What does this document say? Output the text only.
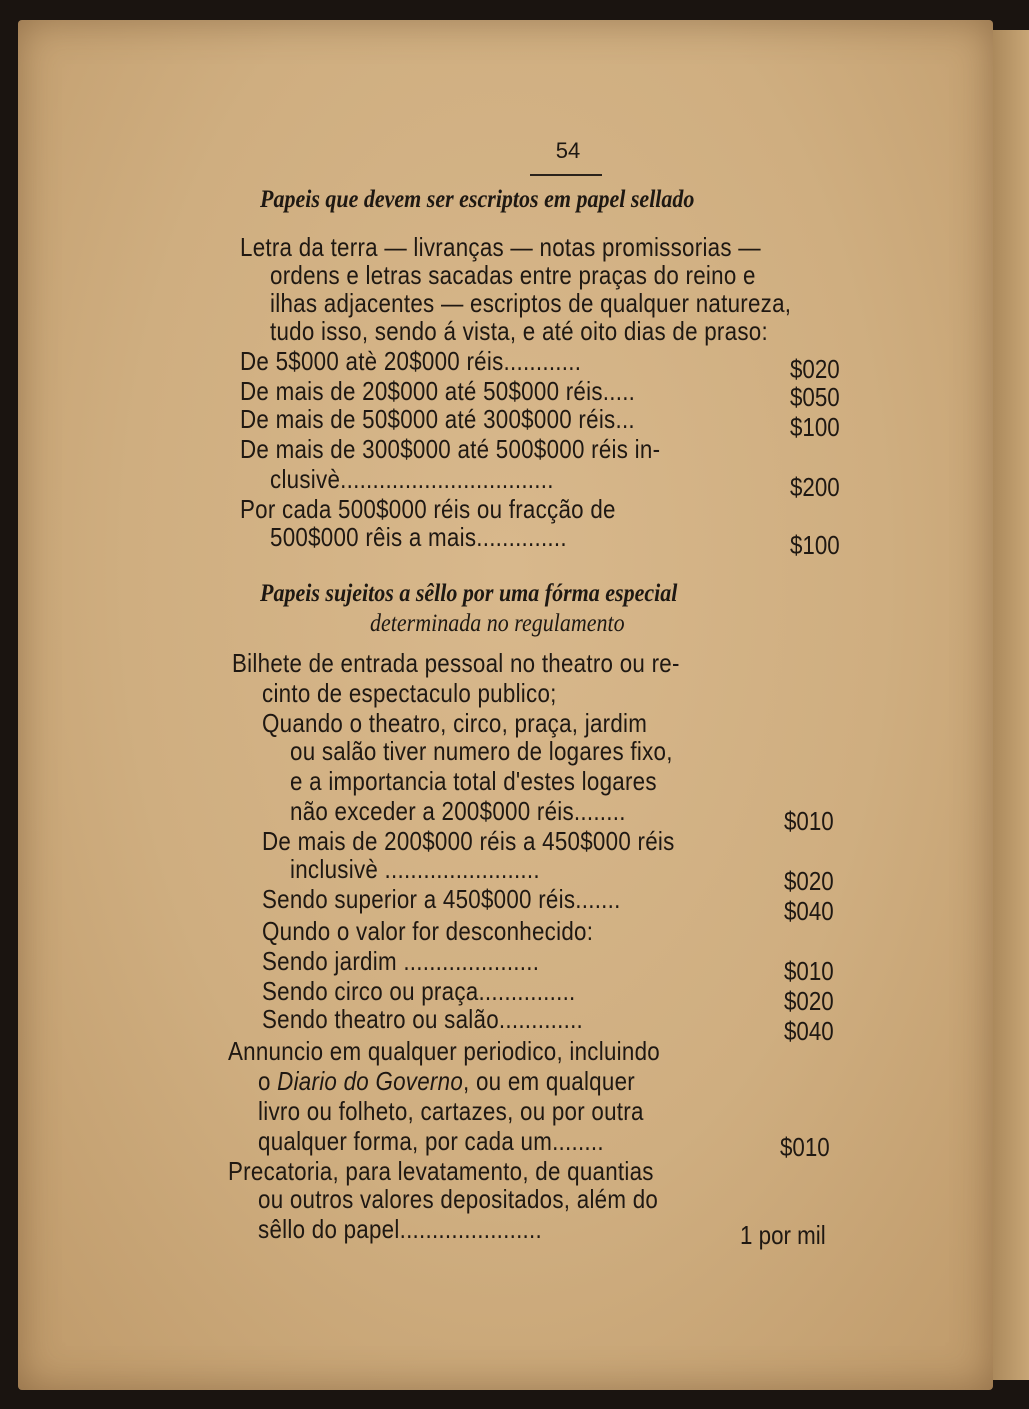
54
Papeis que devem ser escriptos em papel sellado
Letra da terra — livranças — notas promissorias —
ordens e letras sacadas entre praças do reino e
ilhas adjacentes — escriptos de qualquer natureza,
tudo isso, sendo á vista, e até oito dias de praso:
De 5$000 atè 20$000 réis............	$020
De mais de 20$000 até 50$000 réis.....	$050
De mais de 50$000 até 300$000 réis...	$100
De mais de 300$000 até 500$000 réis in-
clusivè.................................	$200
Por cada 500$000 réis ou fracção de
500$000 rêis a mais..............	$100
Papeis sujeitos a sêllo por uma fórma especial
determinada no regulamento
Bilhete de entrada pessoal no theatro ou re-
cinto de espectaculo publico;
Quando o theatro, circo, praça, jardim
ou salão tiver numero de logares fixo,
e a importancia total d'estes logares
não exceder a 200$000 réis........	$010
De mais de 200$000 réis a 450$000 réis
inclusivè ........................	$020
Sendo superior a 450$000 réis.......	$040
Qundo o valor for desconhecido:
Sendo jardim .....................	$010
Sendo circo ou praça...............	$020
Sendo theatro ou salão.............	$040
Annuncio em qualquer periodico, incluindo
o Diario do Governo, ou em qualquer
livro ou folheto, cartazes, ou por outra
qualquer forma, por cada um........	$010
Precatoria, para levatamento, de quantias
ou outros valores depositados, além do
sêllo do papel......................	1 por mil
